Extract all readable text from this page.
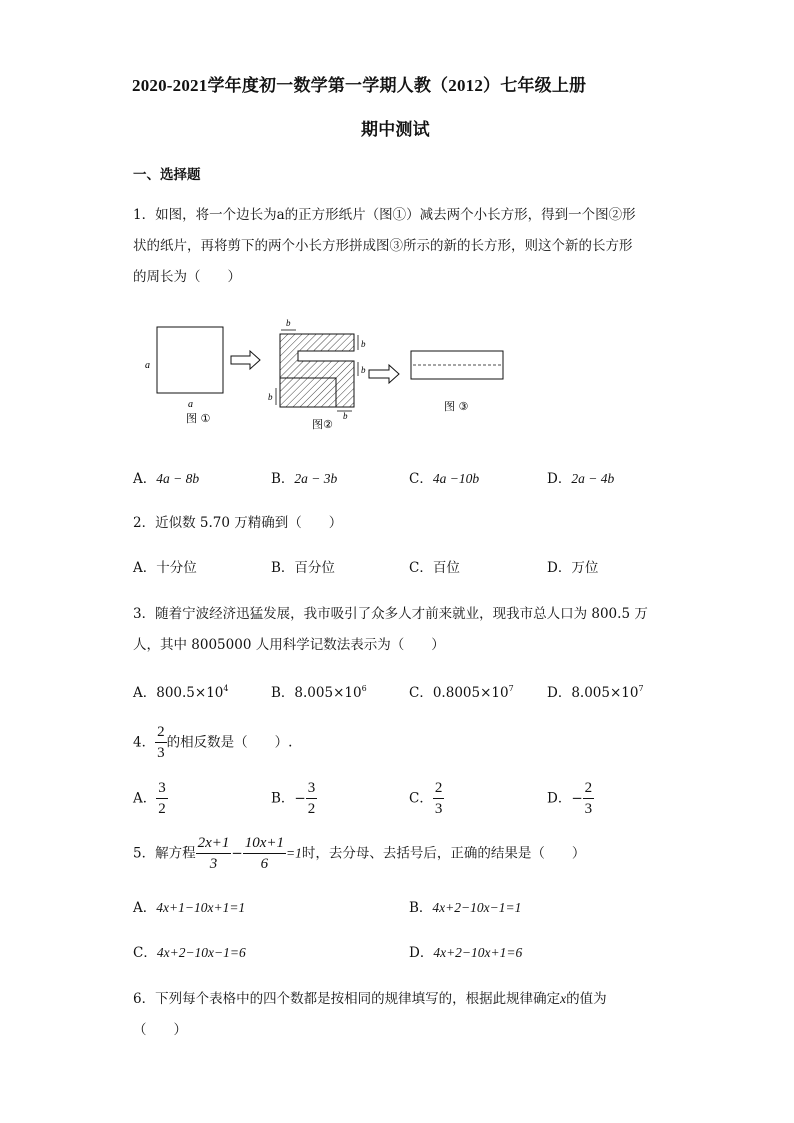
2020-2021学年度初一数学第一学期人教（2012）七年级上册
期中测试
一、选择题
1．如图，将一个边长为a的正方形纸片（图①）减去两个小长方形，得到一个图②形
状的纸片，再将剪下的两个小长方形拼成图③所示的新的长方形，则这个新的长方形
的周长为（　　）
a
a
图 ①
b
b
b
b
b
图②
图 ③
A．4a − 8b	B．2a − 3b	C．4a −10b	D．2a − 4b
2．近似数 5.70 万精确到（　　）
A．十分位	B．百分位	C．百位	D．万位
3．随着宁波经济迅猛发展，我市吸引了众多人才前来就业，现我市总人口为 800.5 万
人，其中 8005000 人用科学记数法表示为（　　）
A．$800.5\times 10^4$	B．$8.005\times 10^6$	C．$0.8005\times 10^7$ D．$8.005\times 10^7$
4． $\frac{2}{3}$ 的相反数是（　　）.
A． $\frac{3}{2}$	B．− $\frac{3}{2}$	C． $\frac{2}{3}$	D．− $\frac{2}{3}$
5．解方程 $\frac{2x+1}{3} - \frac{10x+1}{6} =1$时，去分母、去括号后，正确的结果是（　　）
A．4x+1−10x+1=1	B．4x+2−10x−1=1
C．4x+2−10x−1=6	D．4x+2−10x+1=6
6．下列每个表格中的四个数都是按相同的规律填写的，根据此规律确定x的值为
（　　）
